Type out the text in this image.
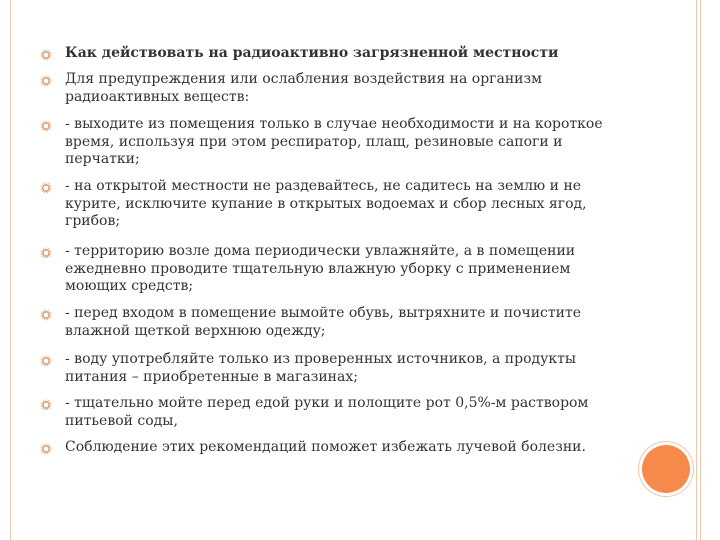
Как действовать на радиоактивно загрязненной местности
Для предупреждения или ослабления воздействия на организм
радиоактивных веществ:
- выходите из помещения только в случае необходимости и на короткое
время, используя при этом респиратор, плащ, резиновые сапоги и
перчатки;
- на открытой местности не раздевайтесь, не садитесь на землю и не
курите, исключите купание в открытых водоемах и сбор лесных ягод,
грибов;
- территорию возле дома периодически увлажняйте, а в помещении
ежедневно проводите тщательную влажную уборку с применением
моющих средств;
- перед входом в помещение вымойте обувь, вытряхните и почистите
влажной щеткой верхнюю одежду;
- воду употребляйте только из проверенных источников, а продукты
питания – приобретенные в магазинах;
- тщательно мойте перед едой руки и полощите рот 0,5%-м раствором
питьевой соды,
Соблюдение этих рекомендаций поможет избежать лучевой болезни.
